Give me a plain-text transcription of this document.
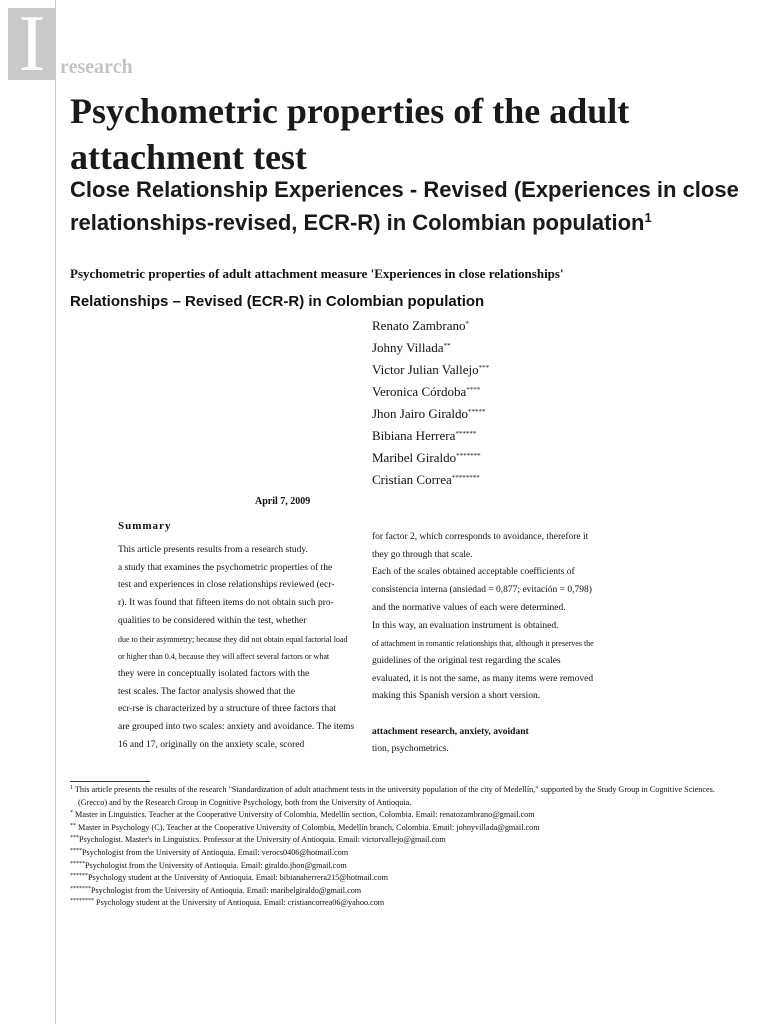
I research
Psychometric properties of the adult attachment test
Close Relationship Experiences - Revised (Experiences in close relationships-revised, ECR-R) in Colombian population$^1$
Psychometric properties of adult attachment measure 'Experiences in close relationships'
Relationships – Revised (ECR-R) in Colombian population
Renato Zambrano*
Johny Villada**
Victor Julian Vallejo***
Veronica Córdoba****
Jhon Jairo Giraldo*****
Bibiana Herrera******
Maribel Giraldo*******
Cristian Correa********
April 7, 2009
Summary
This article presents results from a research study.
a study that examines the psychometric properties of the
test and experiences in close relationships reviewed (ecr-
r). It was found that fifteen items do not obtain such pro-
qualities to be considered within the test, whether
due to their asymmetry; because they did not obtain equal factorial load
or higher than 0.4, because they will affect several factors or what
they were in conceptually isolated factors with the
test scales. The factor analysis showed that the
ecr-rse is characterized by a structure of three factors that
are grouped into two scales: anxiety and avoidance. The items
16 and 17, originally on the anxiety scale, scored
for factor 2, which corresponds to avoidance, therefore it
they go through that scale.
Each of the scales obtained acceptable coefficients of
consistencia interna (ansiedad = 0,877; evitación = 0,798)
and the normative values of each were determined.
In this way, an evaluation instrument is obtained.
of attachment in romantic relationships that, although it preserves the
guidelines of the original test regarding the scales
evaluated, it is not the same, as many items were removed
making this Spanish version a short version.

attachment research, anxiety, avoidant
tion, psychometrics.
$^1$ This article presents the results of the research "Standardization of adult attachment tests in the university population of the city of Medellín," supported by the Study Group in Cognitive Sciences.
(Grecco) and by the Research Group in Cognitive Psychology, both from the University of Antioquia.
* Master in Linguistics. Teacher at the Cooperative University of Colombia, Medellín section, Colombia. Email: renatozambrano@gmail.com
** Master in Psychology (C). Teacher at the Cooperative University of Colombia, Medellín branch, Colombia. Email: johnyvillada@gmail.com
***Psychologist. Master's in Linguistics. Professor at the University of Antioquia. Email: victorvallejo@gmail.com
****Psychologist from the University of Antioquia. Email: verocs0406@hotmail.com
*****Psychologist from the University of Antioquia. Email: giraldo.jhon@gmail.com
******Psychology student at the University of Antioquia. Email: bibianaherrera215@hotmail.com
*******Psychologist from the University of Antioquia. Email: maribelgiraldo@gmail.com
******** Psychology student at the University of Antioquia. Email: cristiancorrea06@yahoo.com
